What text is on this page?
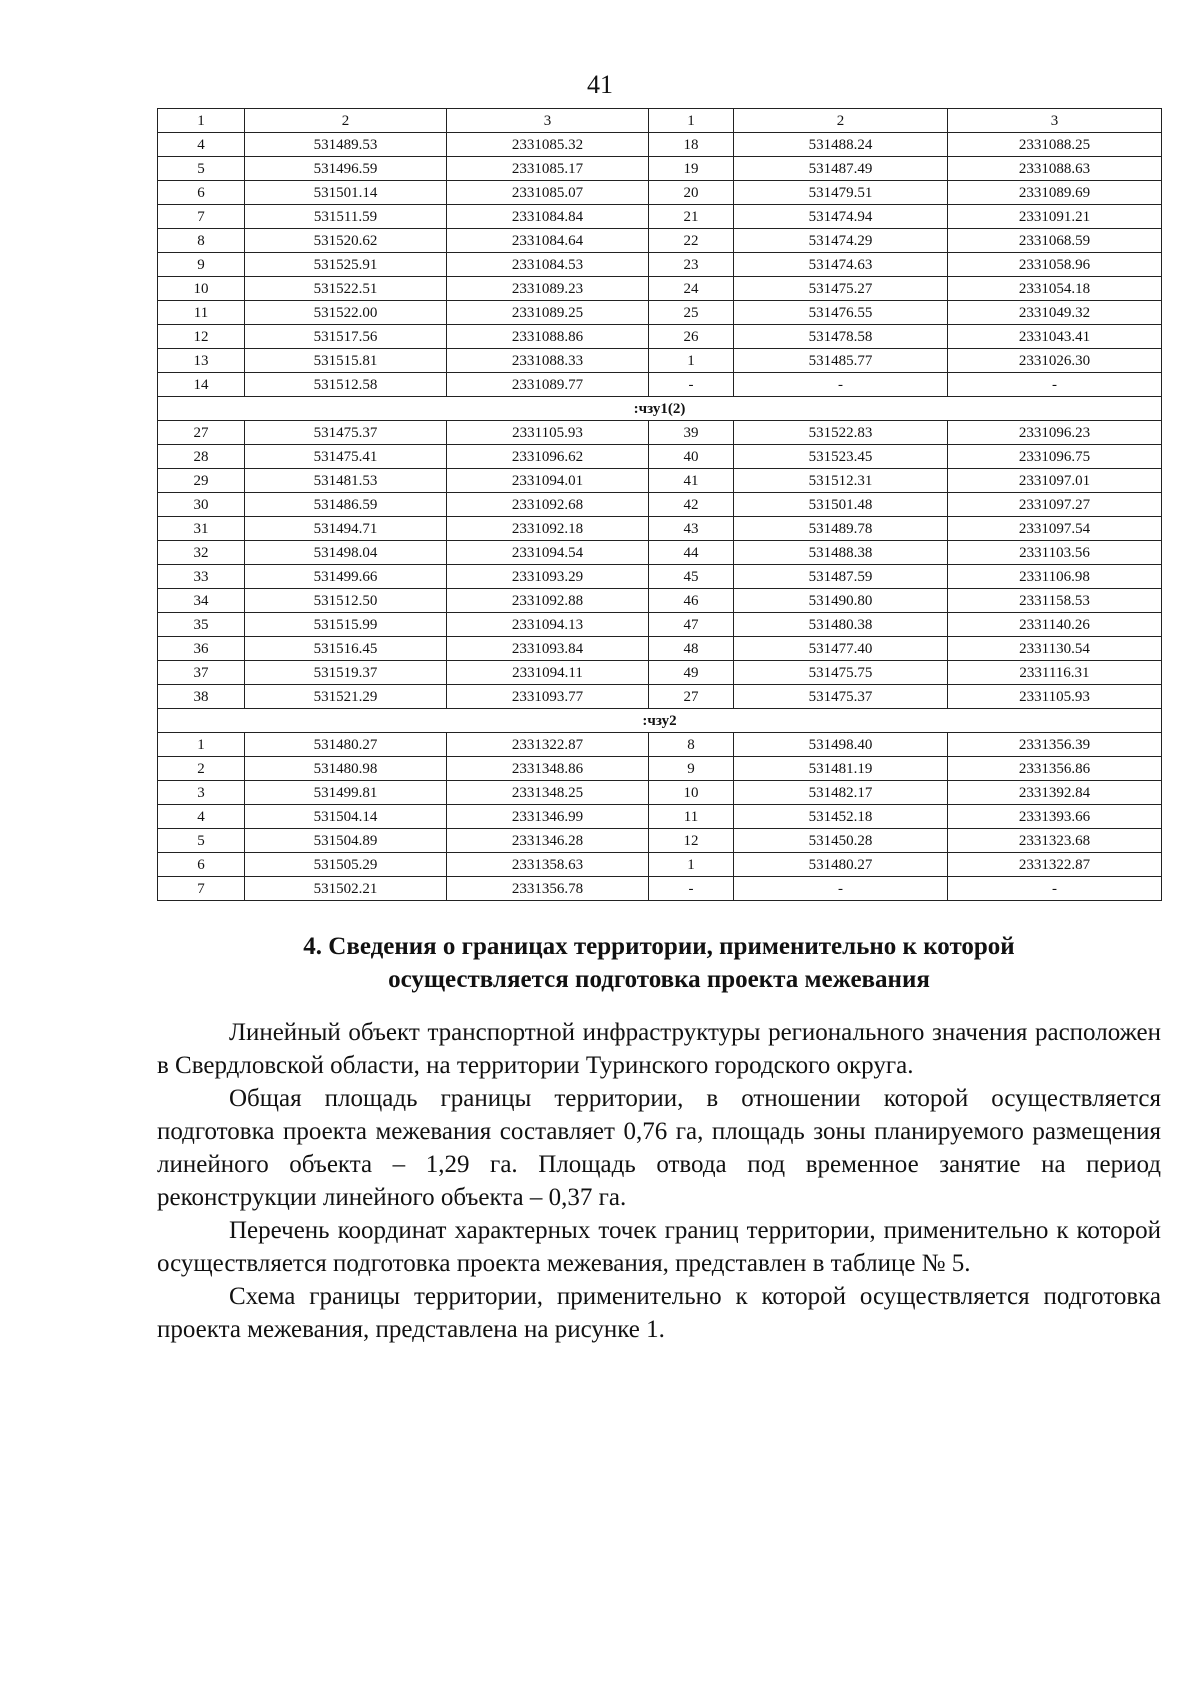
41
1	2	3	1	2	3
4	531489.53	2331085.32	18	531488.24	2331088.25
5	531496.59	2331085.17	19	531487.49	2331088.63
6	531501.14	2331085.07	20	531479.51	2331089.69
7	531511.59	2331084.84	21	531474.94	2331091.21
8	531520.62	2331084.64	22	531474.29	2331068.59
9	531525.91	2331084.53	23	531474.63	2331058.96
10	531522.51	2331089.23	24	531475.27	2331054.18
11	531522.00	2331089.25	25	531476.55	2331049.32
12	531517.56	2331088.86	26	531478.58	2331043.41
13	531515.81	2331088.33	1	531485.77	2331026.30
14	531512.58	2331089.77	-	-	-
:чзу1(2)					
27	531475.37	2331105.93	39	531522.83	2331096.23
28	531475.41	2331096.62	40	531523.45	2331096.75
29	531481.53	2331094.01	41	531512.31	2331097.01
30	531486.59	2331092.68	42	531501.48	2331097.27
31	531494.71	2331092.18	43	531489.78	2331097.54
32	531498.04	2331094.54	44	531488.38	2331103.56
33	531499.66	2331093.29	45	531487.59	2331106.98
34	531512.50	2331092.88	46	531490.80	2331158.53
35	531515.99	2331094.13	47	531480.38	2331140.26
36	531516.45	2331093.84	48	531477.40	2331130.54
37	531519.37	2331094.11	49	531475.75	2331116.31
38	531521.29	2331093.77	27	531475.37	2331105.93
:чзу2					
1	531480.27	2331322.87	8	531498.40	2331356.39
2	531480.98	2331348.86	9	531481.19	2331356.86
3	531499.81	2331348.25	10	531482.17	2331392.84
4	531504.14	2331346.99	11	531452.18	2331393.66
5	531504.89	2331346.28	12	531450.28	2331323.68
6	531505.29	2331358.63	1	531480.27	2331322.87
7	531502.21	2331356.78	-	-	-
4. Сведения о границах территории, применительно к которой
осуществляется подготовка проекта межевания

Линейный объект транспортной инфраструктуры регионального значения расположен в Свердловской области, на территории Туринского городского округа.

Общая площадь границы территории, в отношении которой осуществляется подготовка проекта межевания составляет 0,76 га, площадь зоны планируемого размещения линейного объекта – 1,29 га. Площадь отвода под временное занятие на период реконструкции линейного объекта – 0,37 га.

Перечень координат характерных точек границ территории, применительно к которой осуществляется подготовка проекта межевания, представлен в таблице № 5.

Схема границы территории, применительно к которой осуществляется подготовка проекта межевания, представлена на рисунке 1.
